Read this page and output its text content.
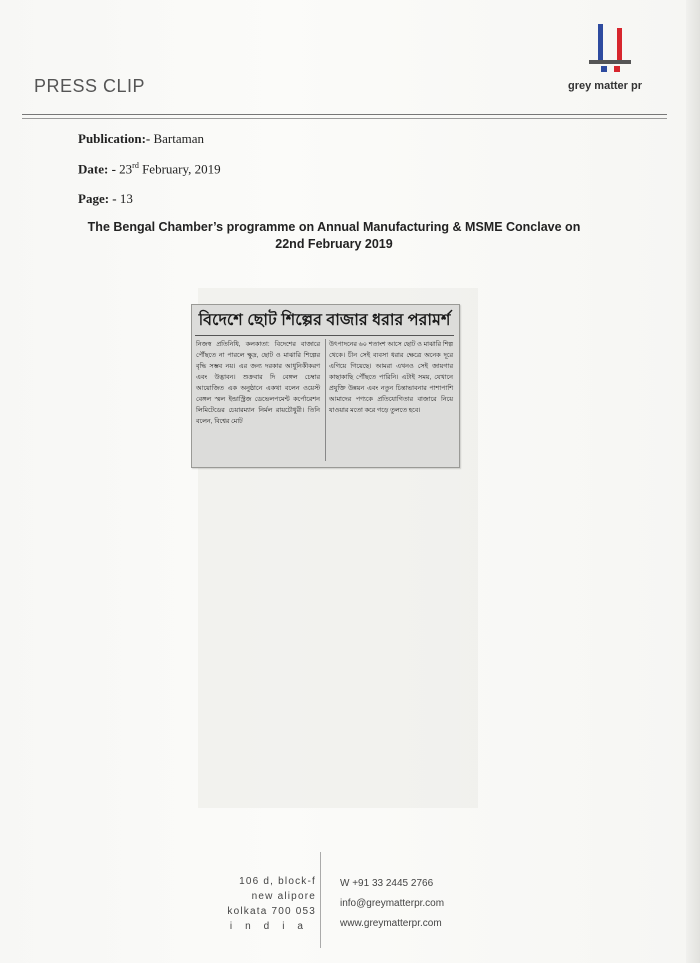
PRESS CLIP	grey matter pr
Publication:- Bartaman
Date: - 23rd February, 2019
Page: - 13
The Bengal Chamber’s programme on Annual Manufacturing & MSME Conclave on
22nd February 2019
বিদেশে ছোট শিল্পের বাজার ধরার পরামর্শ
নিজস্ব প্রতিনিধি, কলকাতা: বিদেশের বাজারে পৌঁছতে না পারলে ক্ষুদ্র, ছোট ও মাঝারি শিল্পের বৃদ্ধি সম্ভব নয়। এর জন্য দরকার আধুনিকীকরণ এবং উদ্ভাবন। শুক্রবার দি বেঙ্গল চেম্বার আয়োজিত এক অনুষ্ঠানে একথা বলেন ওয়েস্ট বেঙ্গল স্মল ইন্ডাস্ট্রিজ ডেভেলপমেন্ট কর্পোরেশন লিমিটেডের চেয়ারম্যান নির্মল রায়চৌধুরী। তিনি বলেন, বিশ্বের মোট
উৎপাদনের ৬০ শতাংশ আসে ছোট ও মাঝারি শিল্প থেকে। চীন সেই ব্যবসা ধরার ক্ষেত্রে অনেক দূরে এগিয়ে গিয়েছে। আমরা এখনও সেই জায়গার কাছাকাছি পৌঁছতে পারিনি। এটাই সময়, যেখানে প্রযুক্তি উন্নয়ন এবং নতুন চিন্তাভাবনার পাশাপাশি আমাদের পণ্যকে প্রতিযোগিতার বাজারে নিয়ে যাওয়ার মতো করে গড়ে তুলতে হবে।
106 d, block-f
new alipore
kolkata 700 053
india
W +91 33 2445 2766
info@greymatterpr.com
www.greymatterpr.com
